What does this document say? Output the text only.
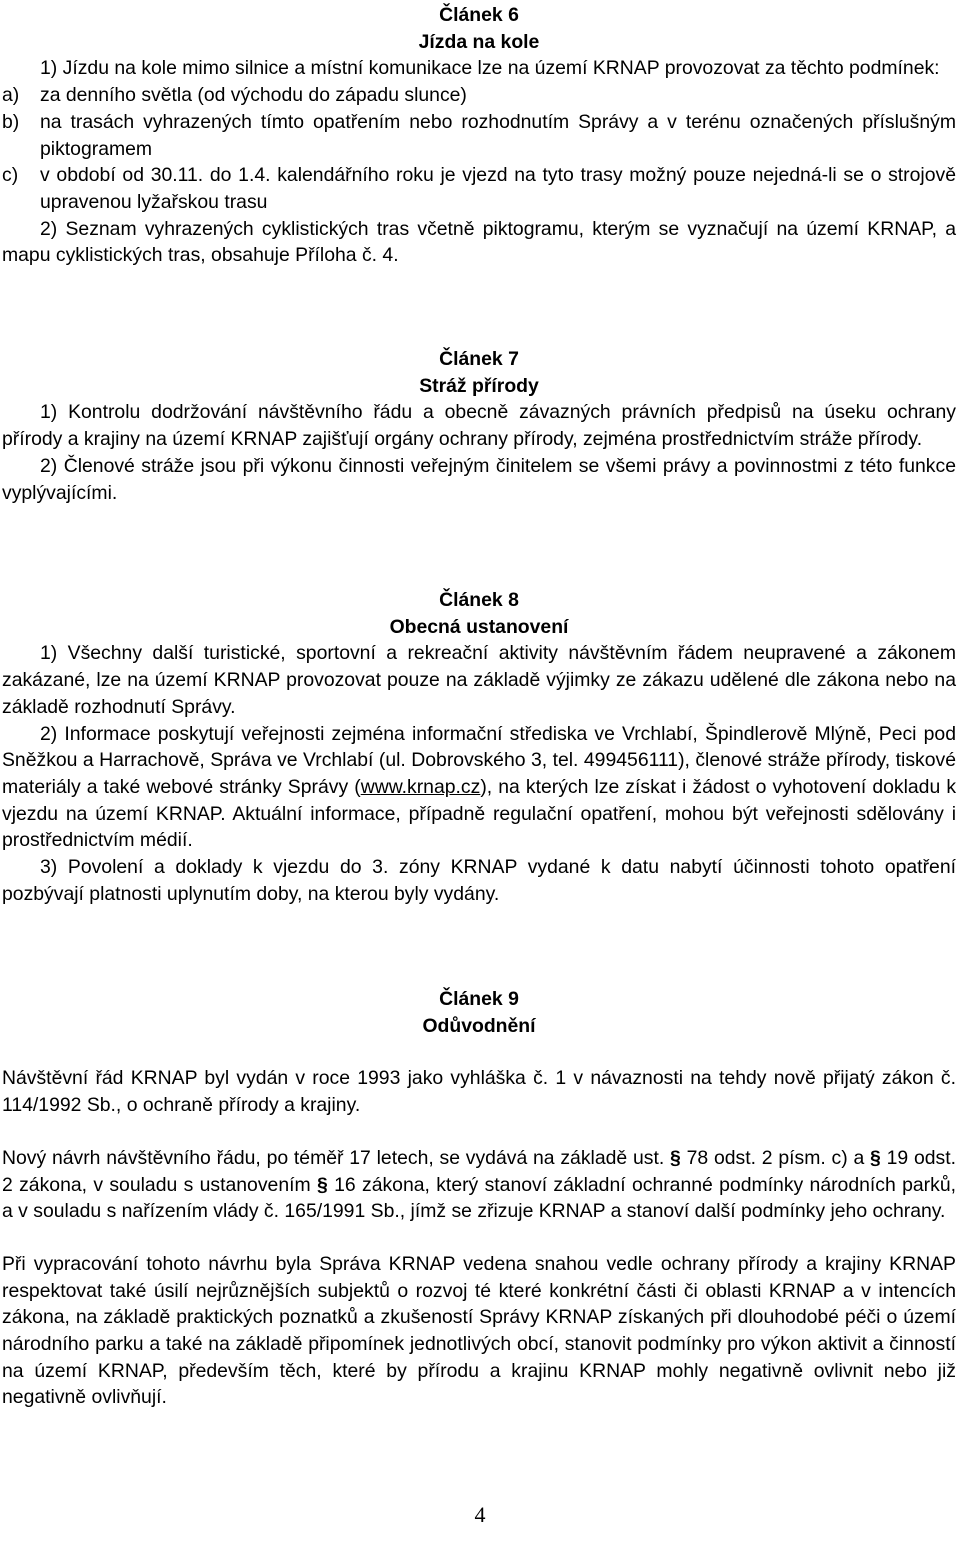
Článek 6

Jízda na kole

1) Jízdu na kole mimo silnice a místní komunikace lze na území KRNAP provozovat za těchto podmínek:

a)	za denního světla (od východu do západu slunce)
b)	na trasách vyhrazených tímto opatřením nebo rozhodnutím Správy a v terénu označených příslušným piktogramem
c)	v období od 30.11. do 1.4. kalendářního roku je vjezd na tyto trasy možný pouze nejedná-li se o strojově upravenou lyžařskou trasu

2) Seznam vyhrazených cyklistických tras včetně piktogramu, kterým se vyznačují na území KRNAP, a mapu cyklistických tras, obsahuje Příloha č. 4.

Článek 7

Stráž přírody

1) Kontrolu dodržování návštěvního řádu a obecně závazných právních předpisů na úseku ochrany přírody a krajiny na území KRNAP zajišťují orgány ochrany přírody, zejména prostřednictvím stráže přírody.

2) Členové stráže jsou při výkonu činnosti veřejným činitelem se všemi právy a povinnostmi z této funkce vyplývajícími.

Článek 8

Obecná ustanovení

1) Všechny další turistické, sportovní a rekreační aktivity návštěvním řádem neupravené a zákonem zakázané, lze na území KRNAP provozovat pouze na základě výjimky ze zákazu udělené dle zákona nebo na základě rozhodnutí Správy.

2) Informace poskytují veřejnosti zejména informační střediska ve Vrchlabí, Špindlerově Mlýně, Peci pod Sněžkou a Harrachově, Správa ve Vrchlabí (ul. Dobrovského 3, tel. 499456111), členové stráže přírody, tiskové materiály a také webové stránky Správy (www.krnap.cz), na kterých lze získat i žádost o vyhotovení dokladu k vjezdu na území KRNAP. Aktuální informace, případně regulační opatření, mohou být veřejnosti sdělovány i prostřednictvím médií.

3) Povolení a doklady k vjezdu do 3. zóny KRNAP vydané k datu nabytí účinnosti tohoto opatření pozbývají platnosti uplynutím doby, na kterou byly vydány.

Článek 9

Odůvodnění

Návštěvní řád KRNAP byl vydán v roce 1993 jako vyhláška č. 1 v návaznosti na tehdy nově přijatý zákon č. 114/1992 Sb., o ochraně přírody a krajiny.

Nový návrh návštěvního řádu, po téměř 17 letech, se vydává na základě ust. § 78 odst. 2 písm. c) a § 19 odst. 2 zákona, v souladu s ustanovením § 16 zákona, který stanoví základní ochranné podmínky národních parků, a v souladu s nařízením vlády č. 165/1991 Sb., jímž se zřizuje KRNAP a stanoví další podmínky jeho ochrany.

Při vypracování tohoto návrhu byla Správa KRNAP vedena snahou vedle ochrany přírody a krajiny KRNAP respektovat také úsilí nejrůznějších subjektů o rozvoj té které konkrétní části či oblasti KRNAP a v intencích zákona, na základě praktických poznatků a zkušeností Správy KRNAP získaných při dlouhodobé péči o území národního parku a také na základě připomínek jednotlivých obcí, stanovit podmínky pro výkon aktivit a činností na území KRNAP, především těch, které by přírodu a krajinu KRNAP mohly negativně ovlivnit nebo již negativně ovlivňují.

4
